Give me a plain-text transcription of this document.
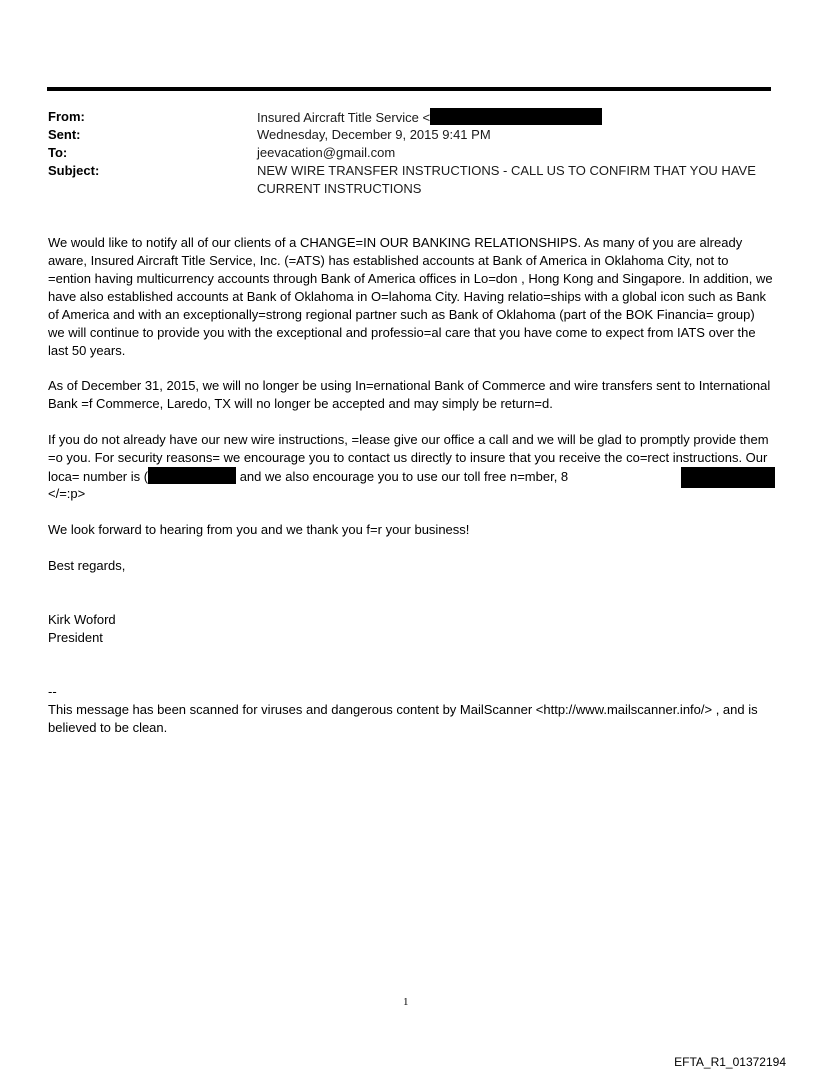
From:	Insured Aircraft Title Service <
Sent:	Wednesday, December 9, 2015 9:41 PM
To:	jeevacation@gmail.com
Subject:	NEW WIRE TRANSFER INSTRUCTIONS - CALL US TO CONFIRM THAT YOU HAVE CURRENT INSTRUCTIONS
We would like to notify all of our clients of a CHANGE=IN OUR BANKING RELATIONSHIPS. As many of you are already aware, Insured Aircraft Title Service, Inc. (=ATS) has established accounts at Bank of America in Oklahoma City, not to =ention having multicurrency accounts through Bank of America offices in Lo=don , Hong Kong and Singapore. In addition, we have also established accounts at Bank of Oklahoma in O=lahoma City. Having relatio=ships with a global icon such as Bank of America and with an exceptionally=strong regional partner such as Bank of Oklahoma (part of the BOK Financia= group) we will continue to provide you with the exceptional and professio=al care that you have come to expect from IATS over the last 50 years.
As of December 31, 2015, we will no longer be using In=ernational Bank of Commerce and wire transfers sent to International Bank =f Commerce, Laredo, TX will no longer be accepted and may simply be return=d.
If you do not already have our new wire instructions, =lease give our office a call and we will be glad to promptly provide them =o you. For security reasons= we encourage you to contact us directly to insure that you receive the co=rect instructions. Our loca= number is (	and we also encourage you to use our toll free n=mber, 8
</=:p>
We look forward to hearing from you and we thank you f=r your business!
Best regards,
Kirk Woford
President
--
This message has been scanned for viruses and dangerous content by MailScanner <http://www.mailscanner.info/> , and is believed to be clean.
1
EFTA_R1_01372194
